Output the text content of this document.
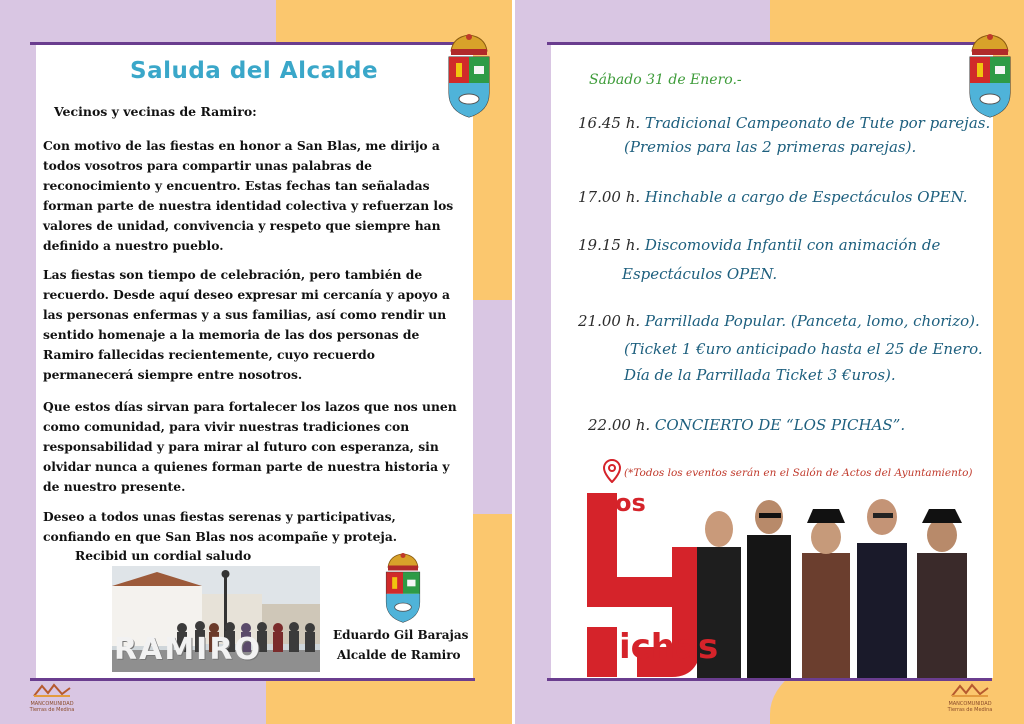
Saluda del Alcalde
Vecinos y vecinas de Ramiro:
Con motivo de las fiestas en honor a San Blas, me dirijo a
todos vosotros para compartir unas palabras de
reconocimiento y encuentro. Estas fechas tan señaladas
forman parte de nuestra identidad colectiva y refuerzan los
valores de unidad, convivencia y respeto que siempre han
definido a nuestro pueblo.
Las fiestas son tiempo de celebración, pero también de
recuerdo. Desde aquí deseo expresar mi cercanía y apoyo a
las personas enfermas y a sus familias, así como rendir un
sentido homenaje a la memoria de las dos personas de
Ramiro fallecidas recientemente, cuyo recuerdo
permanecerá siempre entre nosotros.
Que estos días sirvan para fortalecer los lazos que nos unen
como comunidad, para vivir nuestras tradiciones con
responsabilidad y para mirar al futuro con esperanza, sin
olvidar nunca a quienes forman parte de nuestra historia y
de nuestro presente.
Deseo a todos unas fiestas serenas y participativas,
confiando en que San Blas nos acompañe y proteja.
Recibid un cordial saludo
RAMIRO	Eduardo Gil Barajas
Alcalde de Ramiro
MANCOMUNIDAD
Tierras de Medina
Sábado 31 de Enero.-
16.45 h. Tradicional Campeonato de Tute por parejas.
(Premios para las 2 primeras parejas).
17.00 h. Hinchable a cargo de Espectáculos OPEN.
19.15 h. Discomovida Infantil con animación de
Espectáculos OPEN.
21.00 h. Parrillada Popular. (Panceta, lomo, chorizo).
(Ticket 1 €uro anticipado hasta el 25 de Enero.
Día de la Parrillada Ticket 3 €uros).
22.00 h. CONCIERTO DE “LOS PICHAS”.
(*Todos los eventos serán en el Salón de Actos del Ayuntamiento)
os
ichas
MANCOMUNIDAD
Tierras de Medina
